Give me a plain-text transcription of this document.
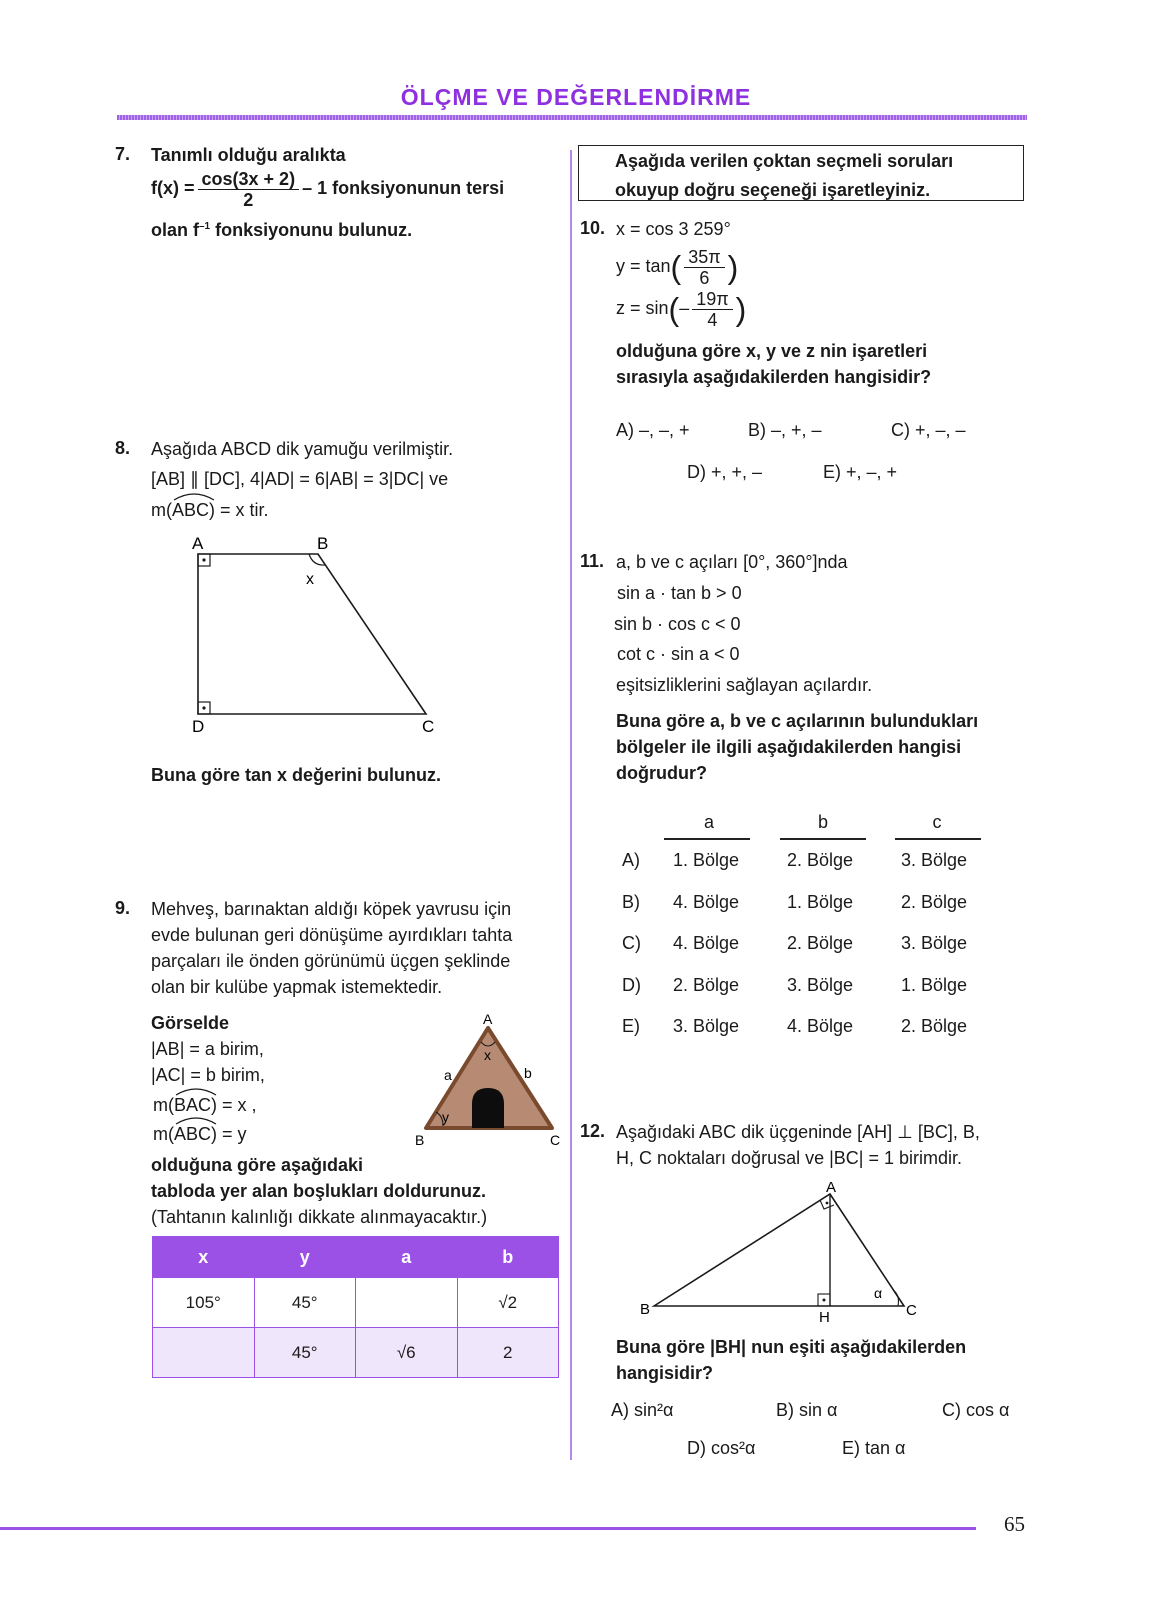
ÖLÇME VE DEĞERLENDİRME
7. Tanımlı olduğu aralıkta
$f(x) = \frac{\cos(3x + 2)}{2} - 1$ fonksiyonunun tersi
olan $f^{-1}$ fonksiyonunu bulunuz.
8. Aşağıda ABCD dik yamuğu verilmiştir.
[AB] ∥ [DC], 4|AD| = 6|AB| = 3|DC| ve
m(
ABC) = x tir.
A	B
C
D
x
Buna göre tan x değerini bulunuz.
9. Mehveş, barınaktan aldığı köpek yavrusu için
evde bulunan geri dönüşüme ayırdıkları tahta
parçaları ile önden görünümü üçgen şeklinde
olan bir kulübe yapmak istemektedir.
Görselde
|AB| = a birim,
|AC| = b birim,
m(
BAC) = x ,
m(
ABC) = y
olduğuna göre aşağıdaki
tabloda yer alan boşlukları doldurunuz.
(Tahtanın kalınlığı dikkate alınmayacaktır.)
A
B	C
a	b
x
y
x	y	a	b
105°	45°		√2
	45°	√6	2
Aşağıda verilen çoktan seçmeli soruları
okuyup doğru seçeneği işaretleyiniz.
10. x = cos 3 259°
$y = \tan( \frac{35\pi}{6}$ )
$z = \sin(- \frac{19\pi}{4}$ )
olduğuna göre x, y ve z nin işaretleri
sırasıyla aşağıdakilerden hangisidir?
A) –, –, +	B) –, +, –	C) +, –, –
D) +, +, –	E) +, –, +
11. a, b ve c açıları [0°, 360°]nda
sin a · tan b > 0
sin b · cos c < 0
cot c · sin a < 0
eşitsizliklerini sağlayan açılardır.
Buna göre a, b ve c açılarının bulundukları
bölgeler ile ilgili aşağıdakilerden hangisi
doğrudur?
a	b	c
A)	1. Bölge	2. Bölge	3. Bölge
B)	4. Bölge	1. Bölge	2. Bölge
C)	4. Bölge	2. Bölge	3. Bölge
D)	2. Bölge	3. Bölge	1. Bölge
E)	3. Bölge	4. Bölge	2. Bölge
12. Aşağıdaki ABC dik üçgeninde [AH] ⊥ [BC], B,
H, C noktaları doğrusal ve |BC| = 1 birimdir.
A
B	C
H
α
Buna göre |BH| nun eşiti aşağıdakilerden
hangisidir?
A) sin²α	B) sin α	C) cos α
D) cos²α	E) tan α
65
